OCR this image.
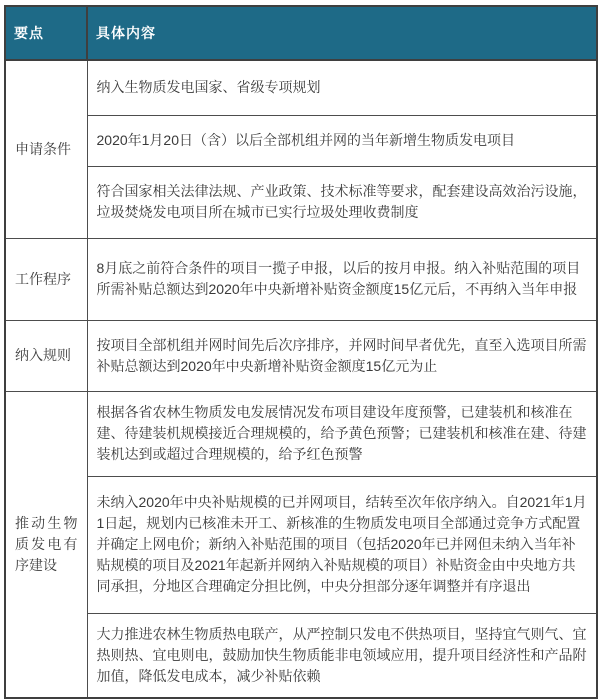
要点	具体内容
申请条件	纳入生物质发电国家、省级专项规划
	2020年1月20日（含）以后全部机组并网的当年新增生物质发电项目
	符合国家相关法律法规、产业政策、技术标准等要求，配套建设高效治污设施，垃圾焚烧发电项目所在城市已实行垃圾处理收费制度
工作程序	8月底之前符合条件的项目一揽子申报，以后的按月申报。纳入补贴范围的项目所需补贴总额达到2020年中央新增补贴资金额度15亿元后，不再纳入当年申报
纳入规则	按项目全部机组并网时间先后次序排序，并网时间早者优先，直至入选项目所需补贴总额达到2020年中央新增补贴资金额度15亿元为止
推动生物质发电有序建设	根据各省农林生物质发电发展情况发布项目建设年度预警，已建装机和核准在建、待建装机规模接近合理规模的，给予黄色预警；已建装机和核准在建、待建装机达到或超过合理规模的，给予红色预警
	未纳入2020年中央补贴规模的已并网项目，结转至次年依序纳入。自2021年1月1日起，规划内已核准未开工、新核准的生物质发电项目全部通过竞争方式配置并确定上网电价；新纳入补贴范围的项目（包括2020年已并网但未纳入当年补贴规模的项目及2021年起新并网纳入补贴规模的项目）补贴资金由中央地方共同承担，分地区合理确定分担比例，中央分担部分逐年调整并有序退出
	大力推进农林生物质热电联产，从严控制只发电不供热项目，坚持宜气则气、宜热则热、宜电则电，鼓励加快生物质能非电领域应用，提升项目经济性和产品附加值，降低发电成本，减少补贴依赖
